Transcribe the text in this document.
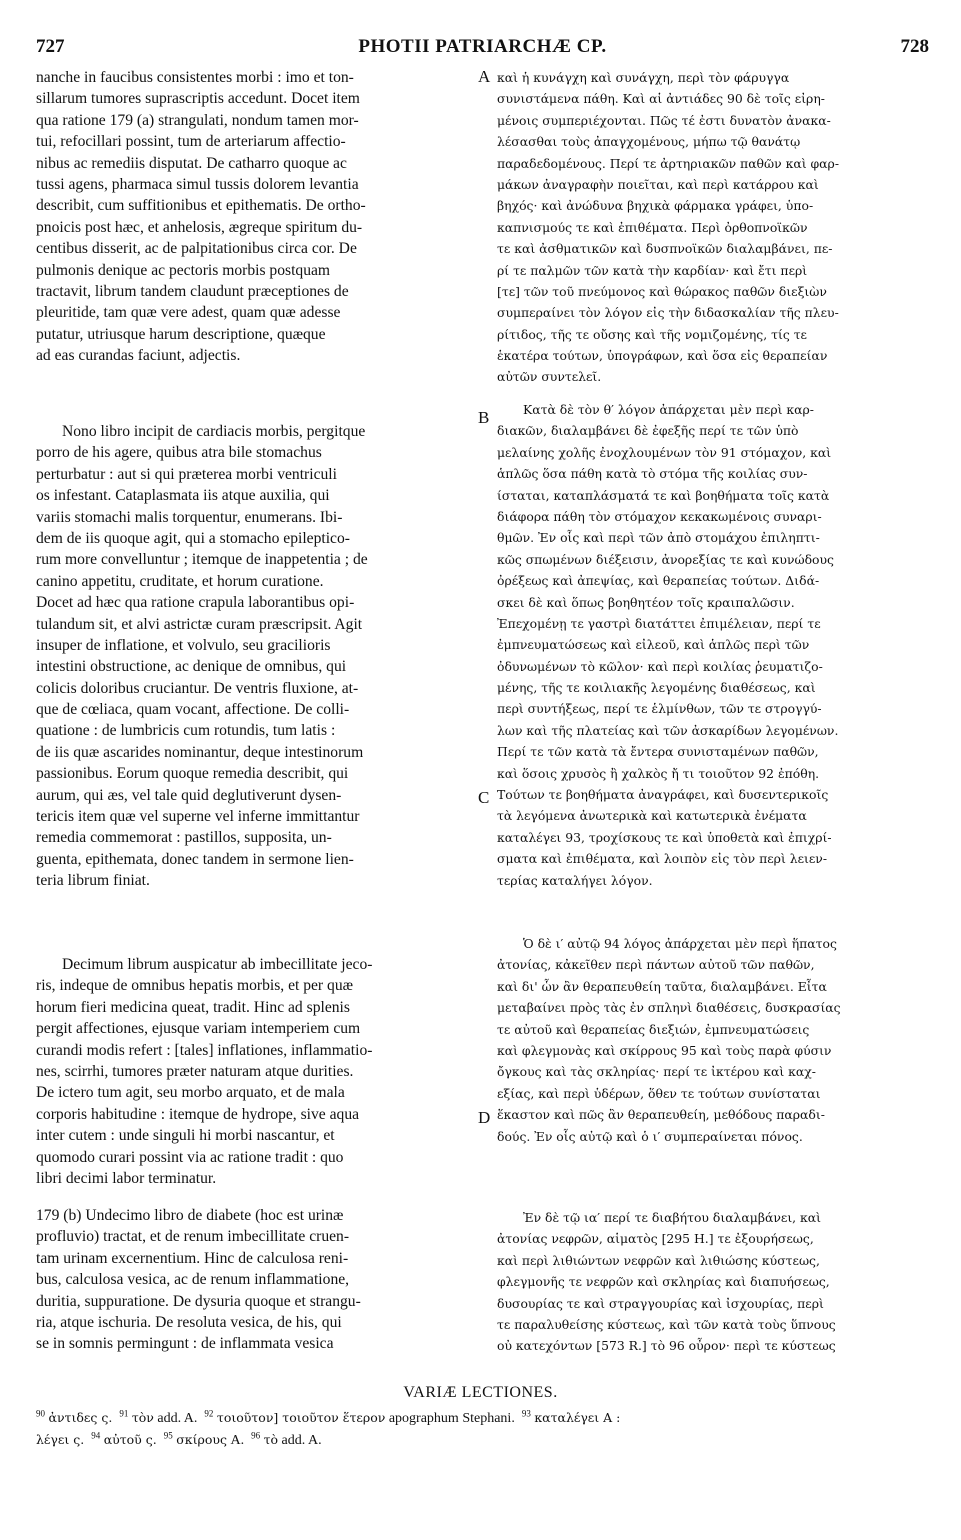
727	PHOTII PATRIARCHÆ CP.	728
nanche in faucibus consistentes morbi : imo et ton-
sillarum tumores suprascriptis accedunt. Docet item
qua ratione 179 (a) strangulati, nondum tamen mor-
tui, refocillari possint, tum de arteriarum affectio-
nibus ac remediis disputat. De catharro quoque ac
tussi agens, pharmaca simul tussis dolorem levantia
describit, cum suffitionibus et epithematis. De ortho-
pnoicis post hæc, et anhelosis, ægreque spiritum du-
centibus disserit, ac de palpitationibus circa cor. De
pulmonis denique ac pectoris morbis postquam
tractavit, librum tandem claudunt præceptiones de
pleuritide, tam quæ vere adest, quam quæ adesse
putatur, utriusque harum descriptione, quæque
ad eas curandas faciunt, adjectis.
Nono libro incipit de cardiacis morbis, pergitque
porro de his agere, quibus atra bile stomachus
perturbatur : aut si qui prætereа morbi ventriculi
os infestant. Cataplasmata iis atque auxilia, qui
variis stomachi malis torquentur, enumerans. Ibi-
dem de iis quoque agit, qui a stomacho epileptico-
rum more convelluntur ; itemque de inappetentia ; de
canino appetitu, cruditate, et horum curatione.
Docet ad hæc qua ratione crapula laborantibus opi-
tulandum sit, et alvi astrictæ curam præscripsit. Agit
insuper de inflatione, et volvulo, seu gracilioris
intestini obstructione, ac denique de omnibus, qui
colicis doloribus cruciantur. De ventris fluxione, at-
que de cœliaca, quam vocant, affectione. De colli-
quatione : de lumbricis cum rotundis, tum latis :
de iis quæ ascarides nominantur, deque intestinorum
passionibus. Eorum quoque remedia describit, qui
aurum, qui æs, vel tale quid deglutiverunt dysen-
tericis item quæ vel superne vel inferne immittantur
remedia commemorat : pastillos, supposita, un-
guenta, epithemata, donec tandem in sermone lien-
teria librum finiat.
Decimum librum auspicatur ab imbecillitate jeco-
ris, indeque de omnibus hepatis morbis, et per quæ
horum fieri medicina queat, tradit. Hinc ad splenis
pergit affectiones, ejusque variam intemperiem cum
curandi modis refert : [tales] inflationes, inflammatio-
nes, scirrhi, tumores præter naturam atque durities.
De ictero tum agit, seu morbo arquato, et de mala
corporis habitudine : itemque de hydrope, sive aqua
inter cutem : unde singuli hi morbi nascantur, et
quomodo curari possint via ac ratione tradit : quo
libri decimi labor terminatur.
179 (b) Undecimo libro de diabete (hoc est urinæ
profluvio) tractat, et de renum imbecillitate cruen-
tam urinam excernentium. Hinc de calculosa reni-
bus, calculosa vesica, ac de renum inflammatione,
duritia, suppuratione. De dysuria quoque et strangu-
ria, atque ischuria. De resoluta vesica, de his, qui
se in somnis permingunt : de inflammata vesica
A
B
C
D
καὶ ἡ κυνάγχη καὶ συνάγχη, περὶ τὸν φάρυγγα
συνιστάμενα πάθη. Καὶ αἱ ἀντιάδες 90 δὲ τοῖς εἰρη-
μένοις συμπεριέχονται. Πῶς τέ ἐστι δυνατὸν ἀνακα-
λέσασθαι τοὺς ἀπαγχομένους, μήπω τῷ θανάτῳ
παραδεδομένους. Περί τε ἀρτηριακῶν παθῶν καὶ φαρ-
μάκων ἀναγραφὴν ποιεῖται, καὶ περὶ κατάρρου καὶ
βηχός· καὶ ἀνώδυνα βηχικὰ φάρμακα γράφει, ὑπο-
καπνισμούς τε καὶ ἐπιθέματα. Περὶ ὀρθοπνοϊκῶν
τε καὶ ἀσθματικῶν καὶ δυσπνοϊκῶν διαλαμβάνει, πε-
ρί τε παλμῶν τῶν κατὰ τὴν καρδίαν· καὶ ἔτι περὶ
[τε] τῶν τοῦ πνεύμονος καὶ θώρακος παθῶν διεξιὼν
συμπεραίνει τὸν λόγον εἰς τὴν διδασκαλίαν τῆς πλευ-
ρίτιδος, τῆς τε οὔσης καὶ τῆς νομιζομένης, τίς τε
ἑκατέρα τούτων, ὑπογράφων, καὶ ὅσα εἰς θεραπείαν
αὐτῶν συντελεῖ.
Κατὰ δὲ τὸν θ′ λόγον ἀπάρχεται μὲν περὶ καρ-
διακῶν, διαλαμβάνει δὲ ἐφεξῆς περί τε τῶν ὑπὸ
μελαίνης χολῆς ἐνοχλουμένων τὸν 91 στόμαχον, καὶ
ἁπλῶς ὅσα πάθη κατὰ τὸ στόμα τῆς κοιλίας συν-
ίσταται, καταπλάσματά τε καὶ βοηθήματα τοῖς κατὰ
διάφορα πάθη τὸν στόμαχον κεκακωμένοις συναρι-
θμῶν. Ἐν οἷς καὶ περὶ τῶν ἀπὸ στομάχου ἐπιληπτι-
κῶς σπωμένων διέξεισιν, ἀνορεξίας τε καὶ κυνώδους
ὀρέξεως καὶ ἀπεψίας, καὶ θεραπείας τούτων. Διδά-
σκει δὲ καὶ ὅπως βοηθητέον τοῖς κραιπαλῶσιν.
Ἐπεχομένῃ τε γαστρὶ διατάττει ἐπιμέλειαν, περί τε
ἐμπνευματώσεως καὶ εἰλεοῦ, καὶ ἁπλῶς περὶ τῶν
ὀδυνωμένων τὸ κῶλον· καὶ περὶ κοιλίας ῥευματιζο-
μένης, τῆς τε κοιλιακῆς λεγομένης διαθέσεως, καὶ
περὶ συντήξεως, περί τε ἑλμίνθων, τῶν τε στρογγύ-
λων καὶ τῆς πλατείας καὶ τῶν ἀσκαρίδων λεγομένων.
Περί τε τῶν κατὰ τὰ ἔντερα συνισταμένων παθῶν,
καὶ ὅσοις χρυσὸς ἢ χαλκὸς ἤ τι τοιοῦτον 92 ἐπόθη.
Τούτων τε βοηθήματα ἀναγράφει, καὶ δυσεντερικοῖς
τὰ λεγόμενα ἀνωτερικὰ καὶ κατωτερικὰ ἐνέματα
καταλέγει 93, τροχίσκους τε καὶ ὑποθετὰ καὶ ἐπιχρί-
σματα καὶ ἐπιθέματα, καὶ λοιπὸν εἰς τὸν περὶ λειεν-
τερίας καταλήγει λόγον.
Ὁ δὲ ι′ αὐτῷ 94 λόγος ἀπάρχεται μὲν περὶ ἥπατος
ἀτονίας, κἀκεῖθεν περὶ πάντων αὐτοῦ τῶν παθῶν,
καὶ δι' ὧν ἂν θεραπευθείη ταῦτα, διαλαμβάνει. Εἶτα
μεταβαίνει πρὸς τὰς ἐν σπληνὶ διαθέσεις, δυσκρασίας
τε αὐτοῦ καὶ θεραπείας διεξιών, ἐμπνευματώσεις
καὶ φλεγμονὰς καὶ σκίρρους 95 καὶ τοὺς παρὰ φύσιν
ὄγκους καὶ τὰς σκληρίας· περί τε ἰκτέρου καὶ καχ-
εξίας, καὶ περὶ ὑδέρων, ὅθεν τε τούτων συνίσταται
ἕκαστον καὶ πῶς ἂν θεραπευθείη, μεθόδους παραδι-
δούς. Ἐν οἷς αὐτῷ καὶ ὁ ι′ συμπεραίνεται πόνος.
Ἐν δὲ τῷ ια′ περί τε διαβήτου διαλαμβάνει, καὶ
ἀτονίας νεφρῶν, αἱματὸς [295 H.] τε ἐξουρήσεως,
καὶ περὶ λιθιώντων νεφρῶν καὶ λιθιώσης κύστεως,
φλεγμονῆς τε νεφρῶν καὶ σκληρίας καὶ διαπυήσεως,
δυσουρίας τε καὶ στραγγουρίας καὶ ἰσχουρίας, περὶ
τε παραλυθείσης κύστεως, καὶ τῶν κατὰ τοὺς ὕπνους
οὐ κατεχόντων [573 R.] τὸ 96 οὖρον· περὶ τε κύστεως
VARIÆ LECTIONES.
$^{90}$ ἀντιδες ς. $^{91}$ τὸν add. A. $^{92}$ τοιοῦτον] τοιοῦτον ἕτερον apographum Stephani. $^{93}$ καταλέγει A :
λέγει ς. $^{94}$ αὐτοῦ ς. $^{95}$ σκίρους A. $^{96}$ τὸ add. A.
